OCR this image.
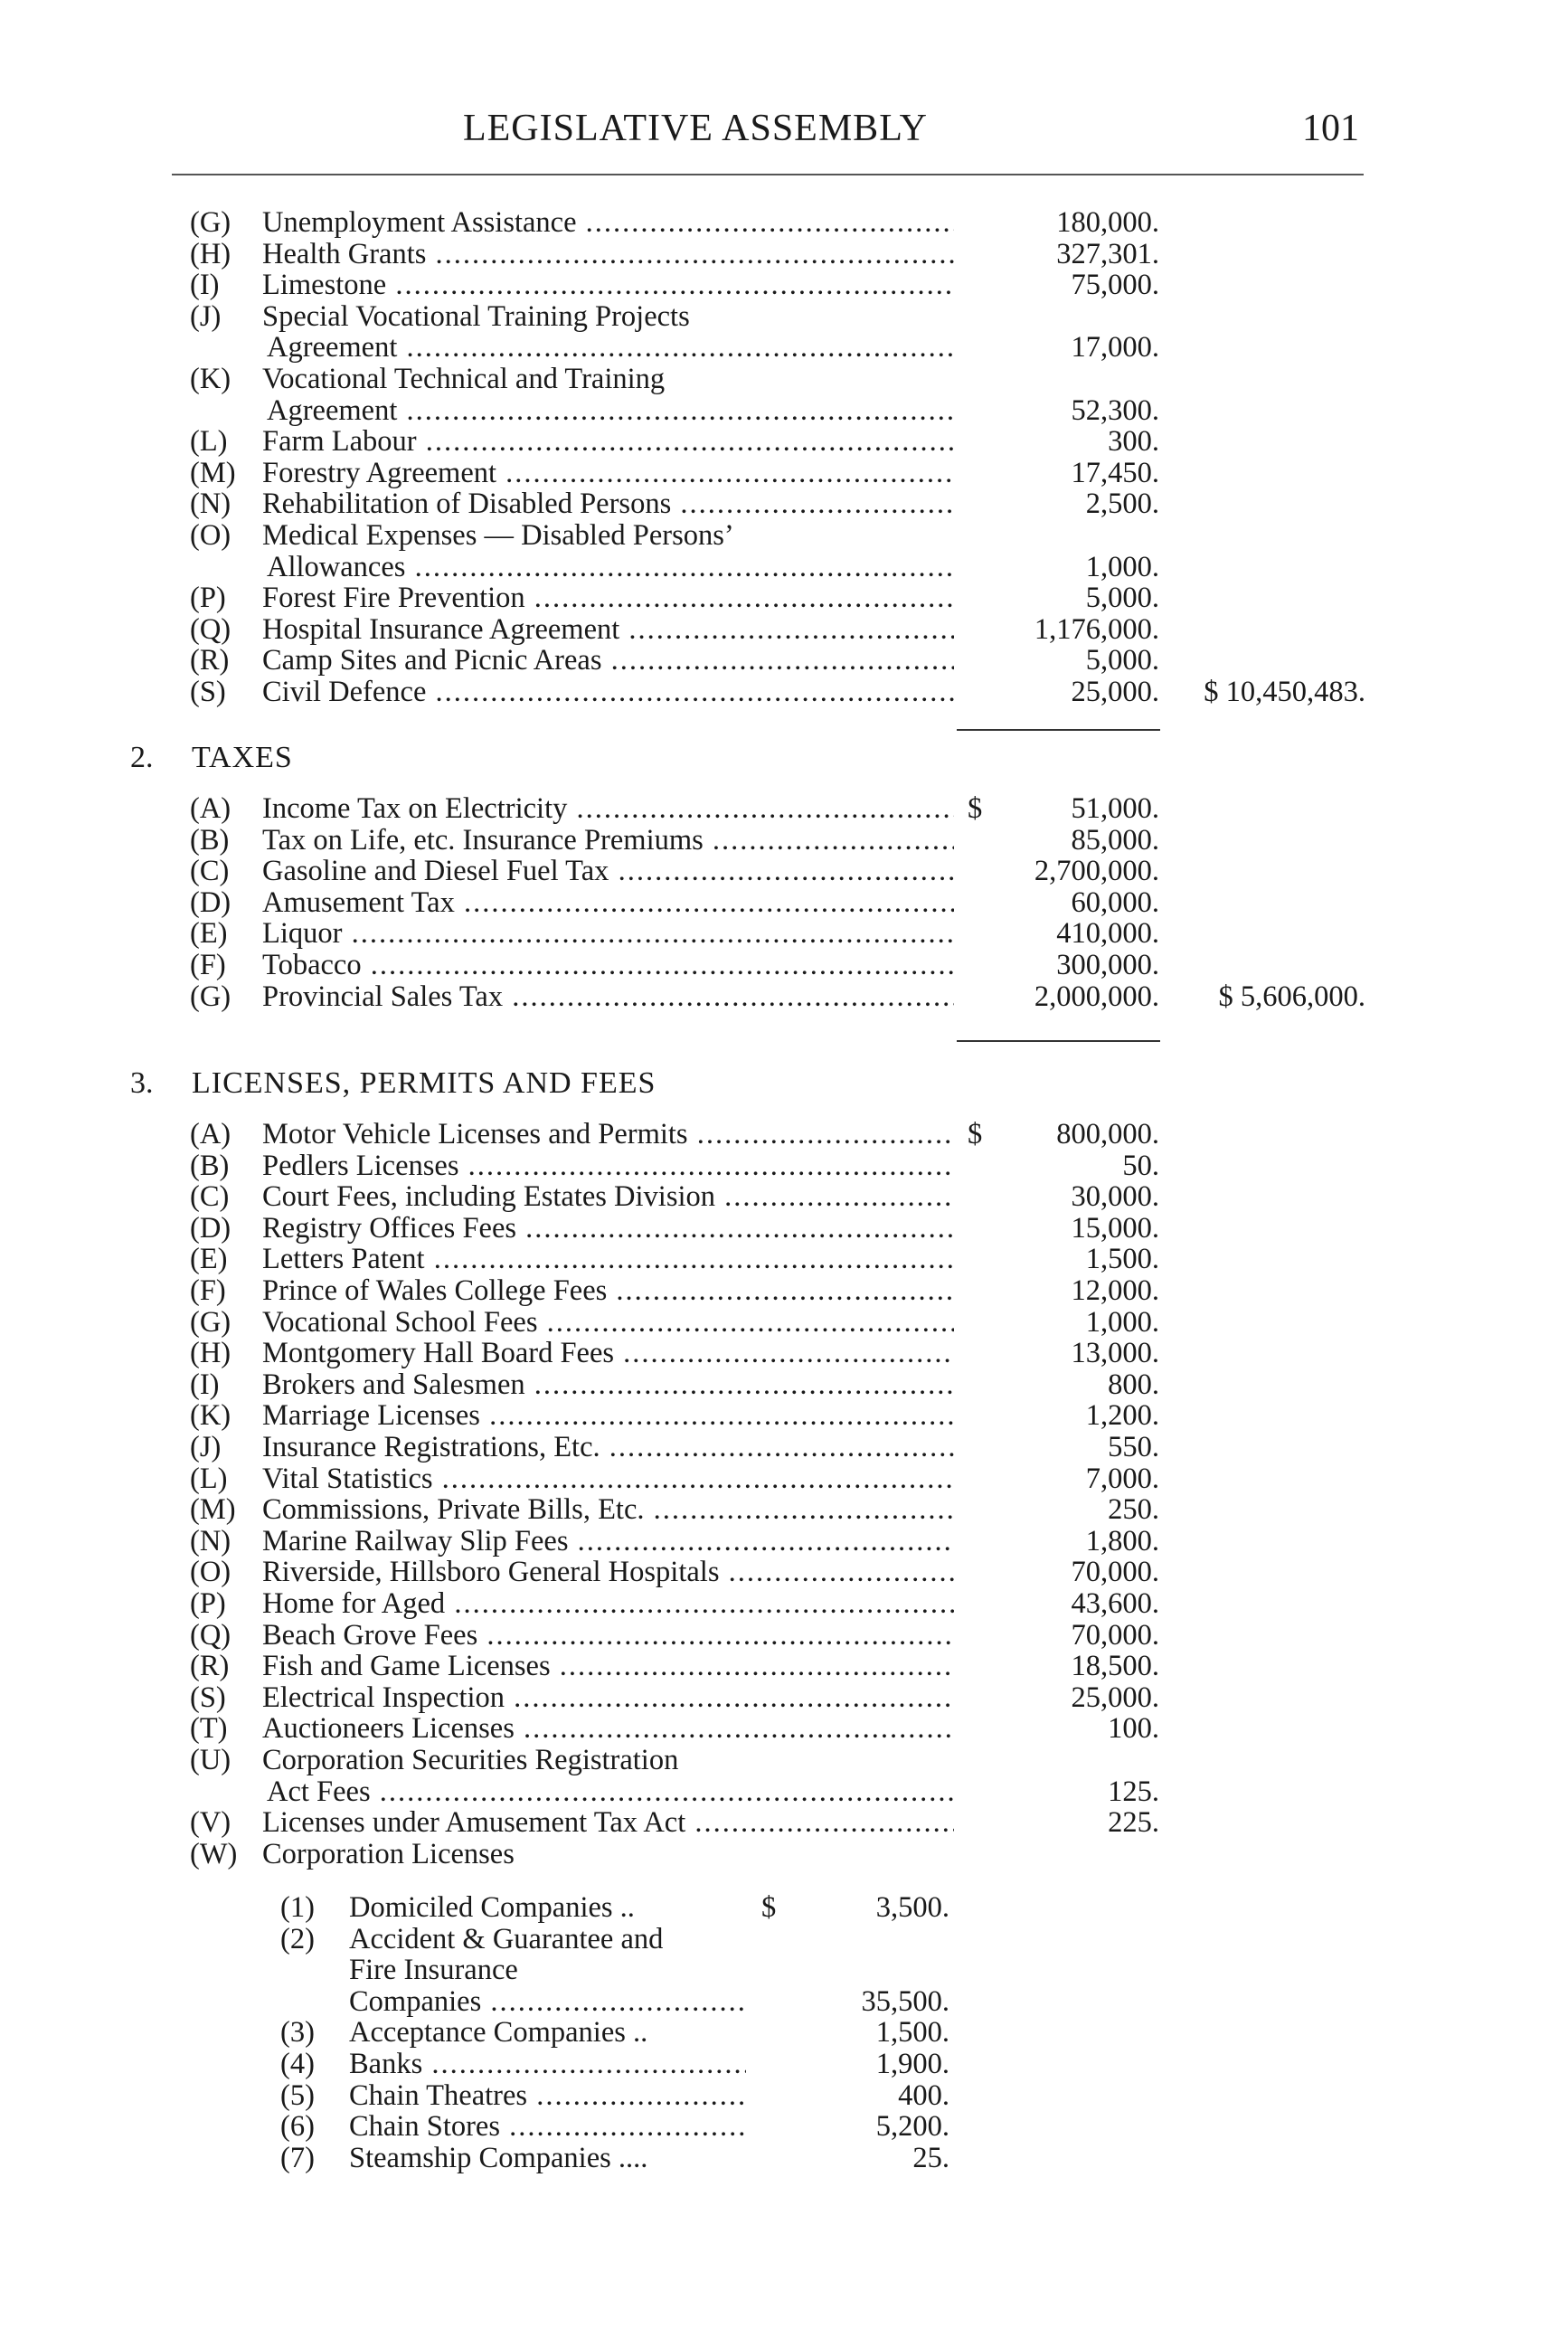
LEGISLATIVE ASSEMBLY	101
2. TAXES
3. LICENSES, PERMITS AND FEES
(G) Unemployment Assistance .....	180,000.
(H) Health Grants .....	327,301.
(I) Limestone .....	75,000.
(J) Special Vocational Training Projects
Agreement .....	17,000.
(K) Vocational Technical and Training
Agreement .....	52,300.
(L) Farm Labour .....	300.
(M) Forestry Agreement .....	17,450.
(N) Rehabilitation of Disabled Persons .....	2,500.
(O) Medical Expenses — Disabled Persons’
Allowances .....	1,000.
(P) Forest Fire Prevention .....	5,000.
(Q) Hospital Insurance Agreement .....	1,176,000.
(R) Camp Sites and Picnic Areas .....	5,000.
(S) Civil Defence .....	25,000.	$ 10,450,483.
(A) Income Tax on Electricity .....	$	51,000.
(B) Tax on Life, etc. Insurance Premiums .....	85,000.
(C) Gasoline and Diesel Fuel Tax .....	2,700,000.
(D) Amusement Tax .....	60,000.
(E) Liquor .....	410,000.
(F) Tobacco .....	300,000.
(G) Provincial Sales Tax .....	2,000,000.	$ 5,606,000.
(A) Motor Vehicle Licenses and Permits .....	$	800,000.
(B) Pedlers Licenses .....	50.
(C) Court Fees, including Estates Division .....	30,000.
(D) Registry Offices Fees .....	15,000.
(E) Letters Patent .....	1,500.
(F) Prince of Wales College Fees .....	12,000.
(G) Vocational School Fees .....	1,000.
(H) Montgomery Hall Board Fees .....	13,000.
(I) Brokers and Salesmen .....	800.
(K) Marriage Licenses .....	1,200.
(J) Insurance Registrations, Etc. .....	550.
(L) Vital Statistics .....	7,000.
(M) Commissions, Private Bills, Etc. .....	250.
(N) Marine Railway Slip Fees .....	1,800.
(O) Riverside, Hillsboro General Hospitals .....	70,000.
(P) Home for Aged .....	43,600.
(Q) Beach Grove Fees .....	70,000.
(R) Fish and Game Licenses .....	18,500.
(S) Electrical Inspection .....	25,000.
(T) Auctioneers Licenses .....	100.
(U) Corporation Securities Registration
Act Fees .....	125.
(V) Licenses under Amusement Tax Act .....	225.
(W) Corporation Licenses
(1) Domiciled Companies ..	$	3,500.
(2) Accident & Guarantee and
Fire Insurance
Companies .....	35,500.
(3) Acceptance Companies ..	1,500.
(4) Banks .....	1,900.
(5) Chain Theatres .....	400.
(6) Chain Stores .....	5,200.
(7) Steamship Companies ....	25.
